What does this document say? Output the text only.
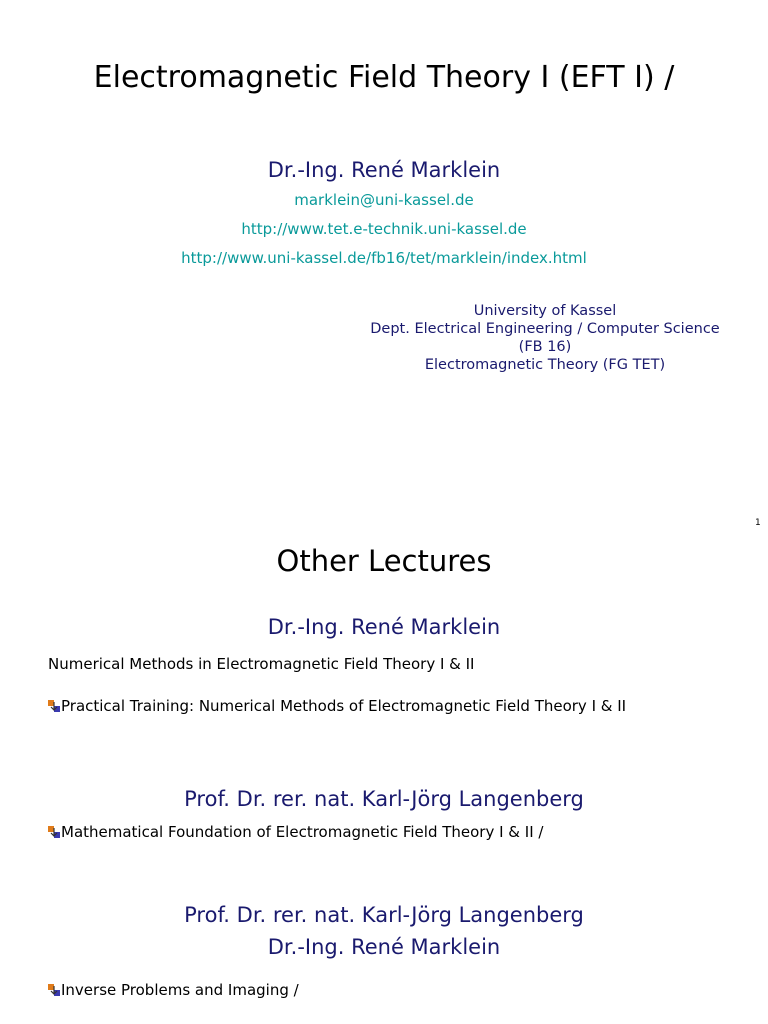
Electromagnetic Field Theory I (EFT I) /
Dr.-Ing. René Marklein
marklein@uni-kassel.de
http://www.tet.e-technik.uni-kassel.de
http://www.uni-kassel.de/fb16/tet/marklein/index.html
University of Kassel
Dept. Electrical Engineering / Computer Science
(FB 16)
Electromagnetic Theory (FG TET)
1
Other Lectures
Dr.-Ing. René Marklein
Numerical Methods in Electromagnetic Field Theory I & II
Practical Training: Numerical Methods of Electromagnetic Field Theory I & II
Prof. Dr. rer. nat. Karl-Jörg Langenberg
Mathematical Foundation of Electromagnetic Field Theory I & II /
Prof. Dr. rer. nat. Karl-Jörg Langenberg
Dr.-Ing. René Marklein
Inverse Problems and Imaging /
